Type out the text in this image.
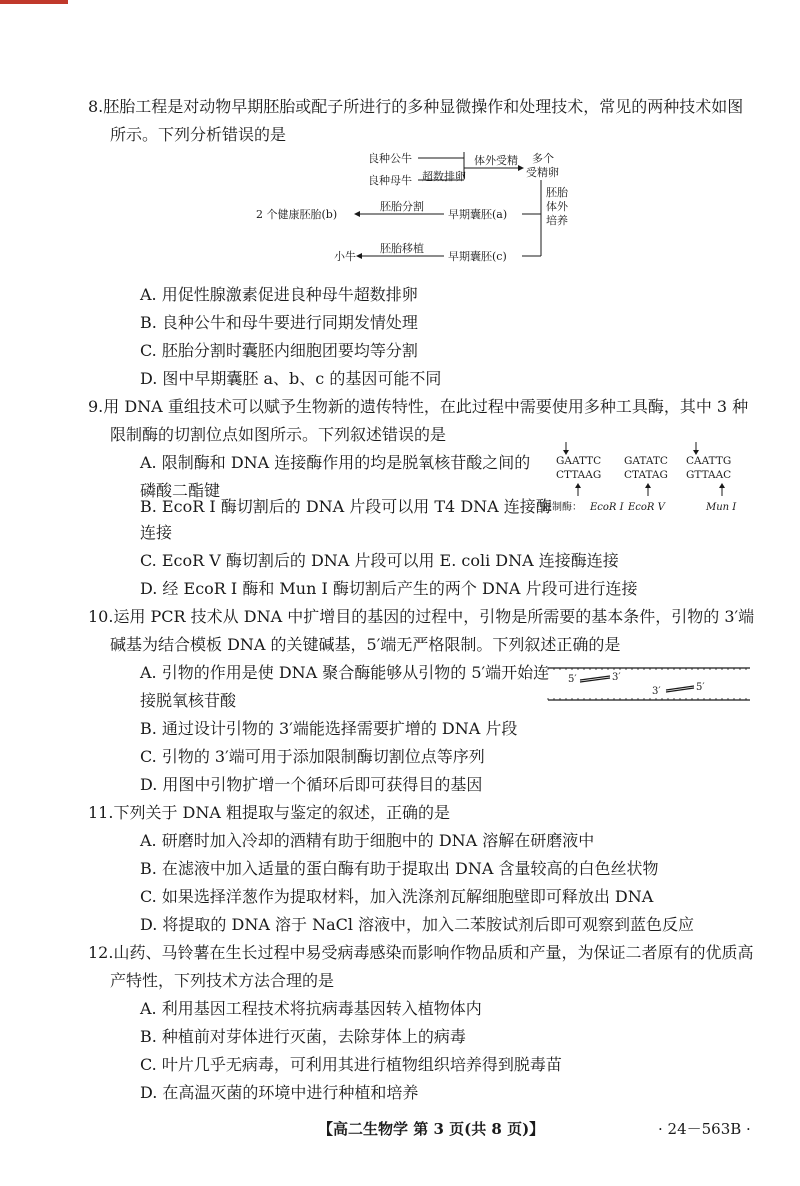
8.胚胎工程是对动物早期胚胎或配子所进行的多种显微操作和处理技术，常见的两种技术如图
所示。下列分析错误的是
良种公牛
良种母牛 超数排卵
体外受精 多个
受精卵
胚胎
体外
培养
早期囊胚(a)
胚胎分割
2 个健康胚胎(b)
早期囊胚(c)
胚胎移植
小牛
A. 用促性腺激素促进良种母牛超数排卵
B. 良种公牛和母牛要进行同期发情处理
C. 胚胎分割时囊胚内细胞团要均等分割
D. 图中早期囊胚 a、b、c 的基因可能不同
9.用 DNA 重组技术可以赋予生物新的遗传特性，在此过程中需要使用多种工具酶，其中 3 种
限制酶的切割位点如图所示。下列叙述错误的是
A. 限制酶和 DNA 连接酶作用的均是脱氧核苷酸之间的
磷酸二酯键
GAATTC
CTTAAG
GATATC
CTATAG
CAATTG
GTTAAC
限制酶： EcoR Ⅰ EcoR Ⅴ	Mun Ⅰ
B. EcoR Ⅰ 酶切割后的 DNA 片段可以用 T4 DNA 连接酶
连接
C. EcoR Ⅴ 酶切割后的 DNA 片段可以用 E. coli DNA 连接酶连接
D. 经 EcoR Ⅰ 酶和 Mun Ⅰ 酶切割后产生的两个 DNA 片段可进行连接
10.运用 PCR 技术从 DNA 中扩增目的基因的过程中，引物是所需要的基本条件，引物的 3′端
碱基为结合模板 DNA 的关键碱基，5′端无严格限制。下列叙述正确的是
A. 引物的作用是使 DNA 聚合酶能够从引物的 5′端开始连
接脱氧核苷酸
5′	3′
3′	5′
B. 通过设计引物的 3′端能选择需要扩增的 DNA 片段
C. 引物的 3′端可用于添加限制酶切割位点等序列
D. 用图中引物扩增一个循环后即可获得目的基因
11.下列关于 DNA 粗提取与鉴定的叙述，正确的是
A. 研磨时加入冷却的酒精有助于细胞中的 DNA 溶解在研磨液中
B. 在滤液中加入适量的蛋白酶有助于提取出 DNA 含量较高的白色丝状物
C. 如果选择洋葱作为提取材料，加入洗涤剂瓦解细胞壁即可释放出 DNA
D. 将提取的 DNA 溶于 NaCl 溶液中，加入二苯胺试剂后即可观察到蓝色反应
12.山药、马铃薯在生长过程中易受病毒感染而影响作物品质和产量，为保证二者原有的优质高
产特性，下列技术方法合理的是
A. 利用基因工程技术将抗病毒基因转入植物体内
B. 种植前对芽体进行灭菌，去除芽体上的病毒
C. 叶片几乎无病毒，可利用其进行植物组织培养得到脱毒苗
D. 在高温灭菌的环境中进行种植和培养
【高二生物学 第 3 页(共 8 页)】	· 24－563B ·
